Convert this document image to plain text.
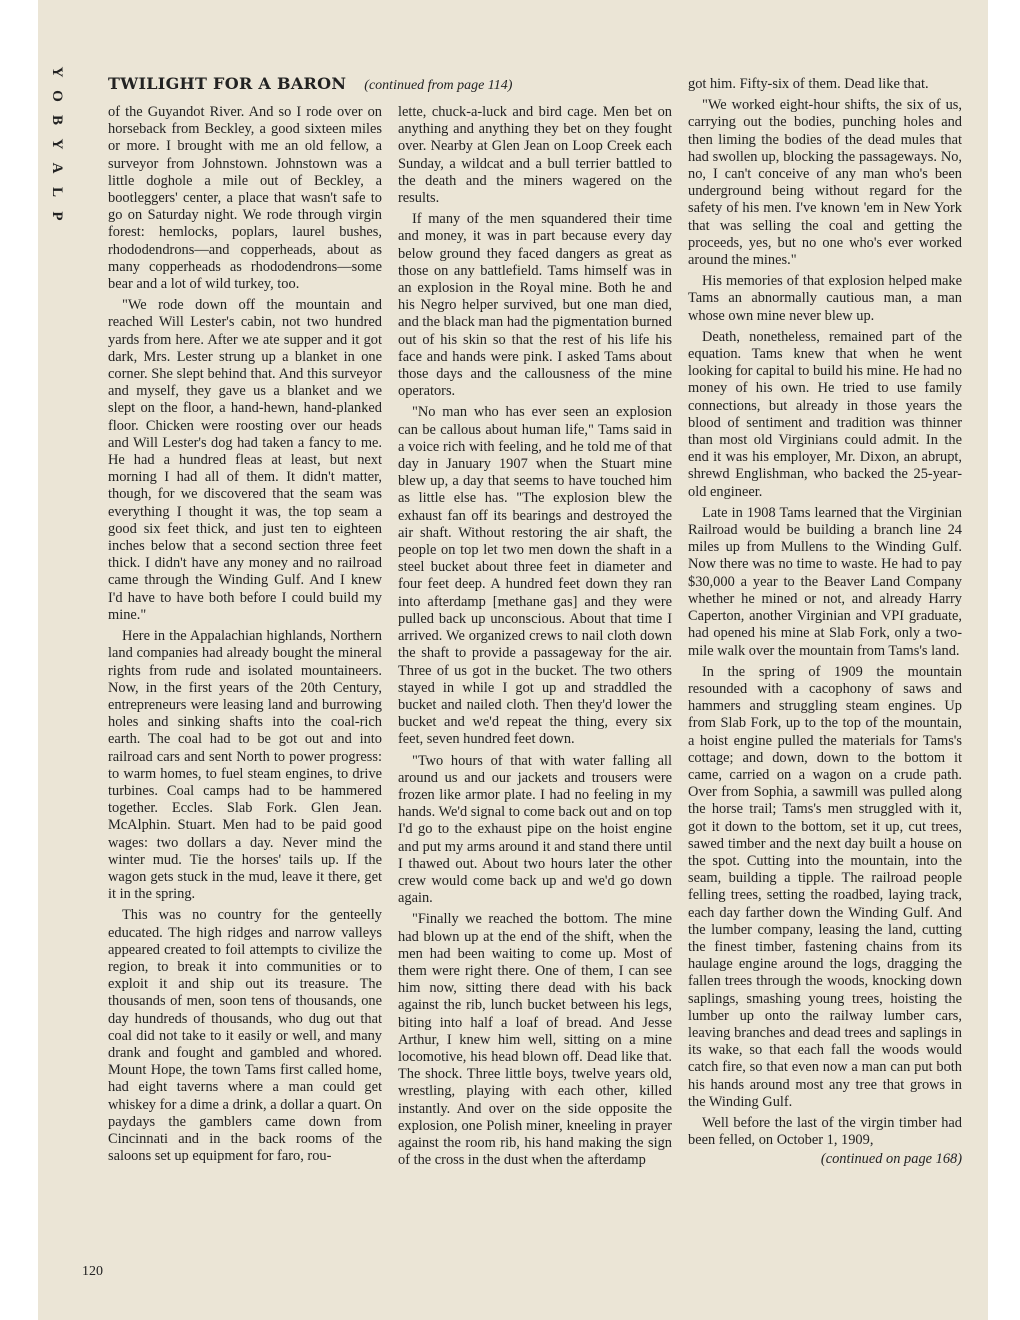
Y
O
B
Y
A
L
P
TWILIGHT FOR A BARON (continued from page 114)

of the Guyandot River. And so I rode over on horseback from Beckley, a good sixteen miles or more. I brought with me an old fellow, a surveyor from Johnstown. Johnstown was a little doghole a mile out of Beckley, a bootleggers' center, a place that wasn't safe to go on Saturday night. We rode through virgin forest: hemlocks, poplars, laurel bushes, rhododendrons—and copperheads, about as many copperheads as rhododendrons—some bear and a lot of wild turkey, too.

"We rode down off the mountain and reached Will Lester's cabin, not two hundred yards from here. After we ate supper and it got dark, Mrs. Lester strung up a blanket in one corner. She slept behind that. And this surveyor and myself, they gave us a blanket and we slept on the floor, a hand-hewn, hand-planked floor. Chicken were roosting over our heads and Will Lester's dog had taken a fancy to me. He had a hundred fleas at least, but next morning I had all of them. It didn't matter, though, for we discovered that the seam was everything I thought it was, the top seam a good six feet thick, and just ten to eighteen inches below that a second section three feet thick. I didn't have any money and no railroad came through the Winding Gulf. And I knew I'd have to have both before I could build my mine."

Here in the Appalachian highlands, Northern land companies had already bought the mineral rights from rude and isolated mountaineers. Now, in the first years of the 20th Century, entrepreneurs were leasing land and burrowing holes and sinking shafts into the coal-rich earth. The coal had to be got out and into railroad cars and sent North to power progress: to warm homes, to fuel steam engines, to drive turbines. Coal camps had to be hammered together. Eccles. Slab Fork. Glen Jean. McAlphin. Stuart. Men had to be paid good wages: two dollars a day. Never mind the winter mud. Tie the horses' tails up. If the wagon gets stuck in the mud, leave it there, get it in the spring.

This was no country for the genteelly educated. The high ridges and narrow valleys appeared created to foil attempts to civilize the region, to break it into communities or to exploit it and ship out its treasure. The thousands of men, soon tens of thousands, one day hundreds of thousands, who dug out that coal did not take to it easily or well, and many drank and fought and gambled and whored. Mount Hope, the town Tams first called home, had eight taverns where a man could get whiskey for a dime a drink, a dollar a quart. On paydays the gamblers came down from Cincinnati and in the back rooms of the saloons set up equipment for faro, rou-

lette, chuck-a-luck and bird cage. Men bet on anything and anything they bet on they fought over. Nearby at Glen Jean on Loop Creek each Sunday, a wildcat and a bull terrier battled to the death and the miners wagered on the results.

If many of the men squandered their time and money, it was in part because every day below ground they faced dangers as great as those on any battlefield. Tams himself was in an explosion in the Royal mine. Both he and his Negro helper survived, but one man died, and the black man had the pigmentation burned out of his skin so that the rest of his life his face and hands were pink. I asked Tams about those days and the callousness of the mine operators.

"No man who has ever seen an explosion can be callous about human life," Tams said in a voice rich with feeling, and he told me of that day in January 1907 when the Stuart mine blew up, a day that seems to have touched him as little else has. "The explosion blew the exhaust fan off its bearings and destroyed the air shaft. Without restoring the air shaft, the people on top let two men down the shaft in a steel bucket about three feet in diameter and four feet deep. A hundred feet down they ran into afterdamp [methane gas] and they were pulled back up unconscious. About that time I arrived. We organized crews to nail cloth down the shaft to provide a passageway for the air. Three of us got in the bucket. The two others stayed in while I got up and straddled the bucket and nailed cloth. Then they'd lower the bucket and we'd repeat the thing, every six feet, seven hundred feet down.

"Two hours of that with water falling all around us and our jackets and trousers were frozen like armor plate. I had no feeling in my hands. We'd signal to come back out and on top I'd go to the exhaust pipe on the hoist engine and put my arms around it and stand there until I thawed out. About two hours later the other crew would come back up and we'd go down again.

"Finally we reached the bottom. The mine had blown up at the end of the shift, when the men had been waiting to come up. Most of them were right there. One of them, I can see him now, sitting there dead with his back against the rib, lunch bucket between his legs, biting into half a loaf of bread. And Jesse Arthur, I knew him well, sitting on a mine locomotive, his head blown off. Dead like that. The shock. Three little boys, twelve years old, wrestling, playing with each other, killed instantly. And over on the side opposite the explosion, one Polish miner, kneeling in prayer against the room rib, his hand making the sign of the cross in the dust when the afterdamp

got him. Fifty-six of them. Dead like that.

"We worked eight-hour shifts, the six of us, carrying out the bodies, punching holes and then liming the bodies of the dead mules that had swollen up, blocking the passageways. No, no, I can't conceive of any man who's been underground being without regard for the safety of his men. I've known 'em in New York that was selling the coal and getting the proceeds, yes, but no one who's ever worked around the mines."

His memories of that explosion helped make Tams an abnormally cautious man, a man whose own mine never blew up.

Death, nonetheless, remained part of the equation. Tams knew that when he went looking for capital to build his mine. He had no money of his own. He tried to use family connections, but already in those years the blood of sentiment and tradition was thinner than most old Virginians could admit. In the end it was his employer, Mr. Dixon, an abrupt, shrewd Englishman, who backed the 25-year-old engineer.

Late in 1908 Tams learned that the Virginian Railroad would be building a branch line 24 miles up from Mullens to the Winding Gulf. Now there was no time to waste. He had to pay $30,000 a year to the Beaver Land Company whether he mined or not, and already Harry Caperton, another Virginian and VPI graduate, had opened his mine at Slab Fork, only a two-mile walk over the mountain from Tams's land.

In the spring of 1909 the mountain resounded with a cacophony of saws and hammers and struggling steam engines. Up from Slab Fork, up to the top of the mountain, a hoist engine pulled the materials for Tams's cottage; and down, down to the bottom it came, carried on a wagon on a crude path. Over from Sophia, a sawmill was pulled along the horse trail; Tams's men struggled with it, got it down to the bottom, set it up, cut trees, sawed timber and the next day built a house on the spot. Cutting into the mountain, into the seam, building a tipple. The railroad people felling trees, setting the roadbed, laying track, each day farther down the Winding Gulf. And the lumber company, leasing the land, cutting the finest timber, fastening chains from its haulage engine around the logs, dragging the fallen trees through the woods, knocking down saplings, smashing young trees, hoisting the lumber up onto the railway lumber cars, leaving branches and dead trees and saplings in its wake, so that each fall the woods would catch fire, so that even now a man can put both his hands around most any tree that grows in the Winding Gulf.

Well before the last of the virgin timber had been felled, on October 1, 1909,

(continued on page 168)
120
